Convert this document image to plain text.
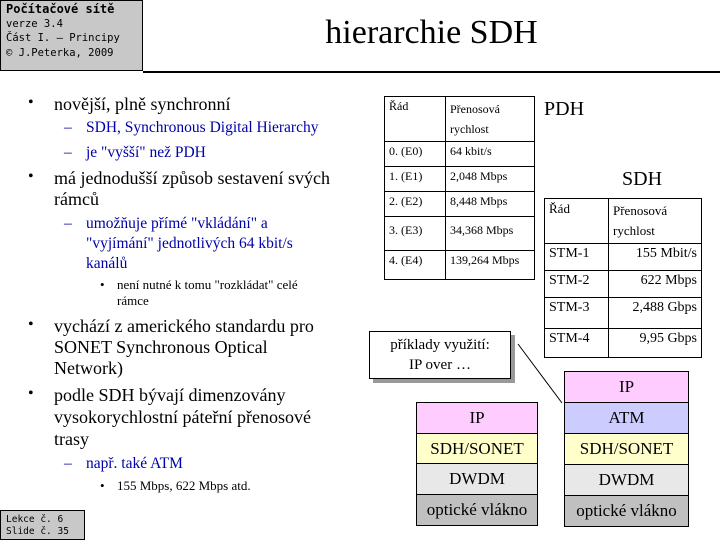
Počítačové sítě
verze 3.4
Část I. – Principy
© J.Peterka, 2009
hierarchie SDH
• novější, plně synchronní
– SDH, Synchronous Digital Hierarchy
– je "vyšší" než PDH
• má jednodušší způsob sestavení svých
rámců
– umožňuje přímé "vkládání" a
"vyjímání" jednotlivých 64 kbit/s
kanálů
• není nutné k tomu "rozkládat" celé
rámce
• vychází z amerického standardu pro
SONET Synchronous Optical
Network)
• podle SDH bývají dimenzovány
vysokorychlostní páteřní přenosové
trasy
– např. také ATM
• 155 Mbps, 622 Mbps atd.
PDH
Řád	Přenosová
rychlost
0. (E0)	64 kbit/s
1. (E1)	2,048 Mbps
2. (E2)	8,448 Mbps
3. (E3)	34,368 Mbps
4. (E4)	139,264 Mbps
SDH
Řád	Přenosová
rychlost
STM-1	155 Mbit/s
STM-2	622 Mbps
STM-3	2,488 Gbps
STM-4	9,95 Gbps
příklady využití:
IP over …
IP
SDH/SONET
DWDM
optické vlákno
IP
ATM
SDH/SONET
DWDM
optické vlákno
Lekce č. 6
Slide č. 35
